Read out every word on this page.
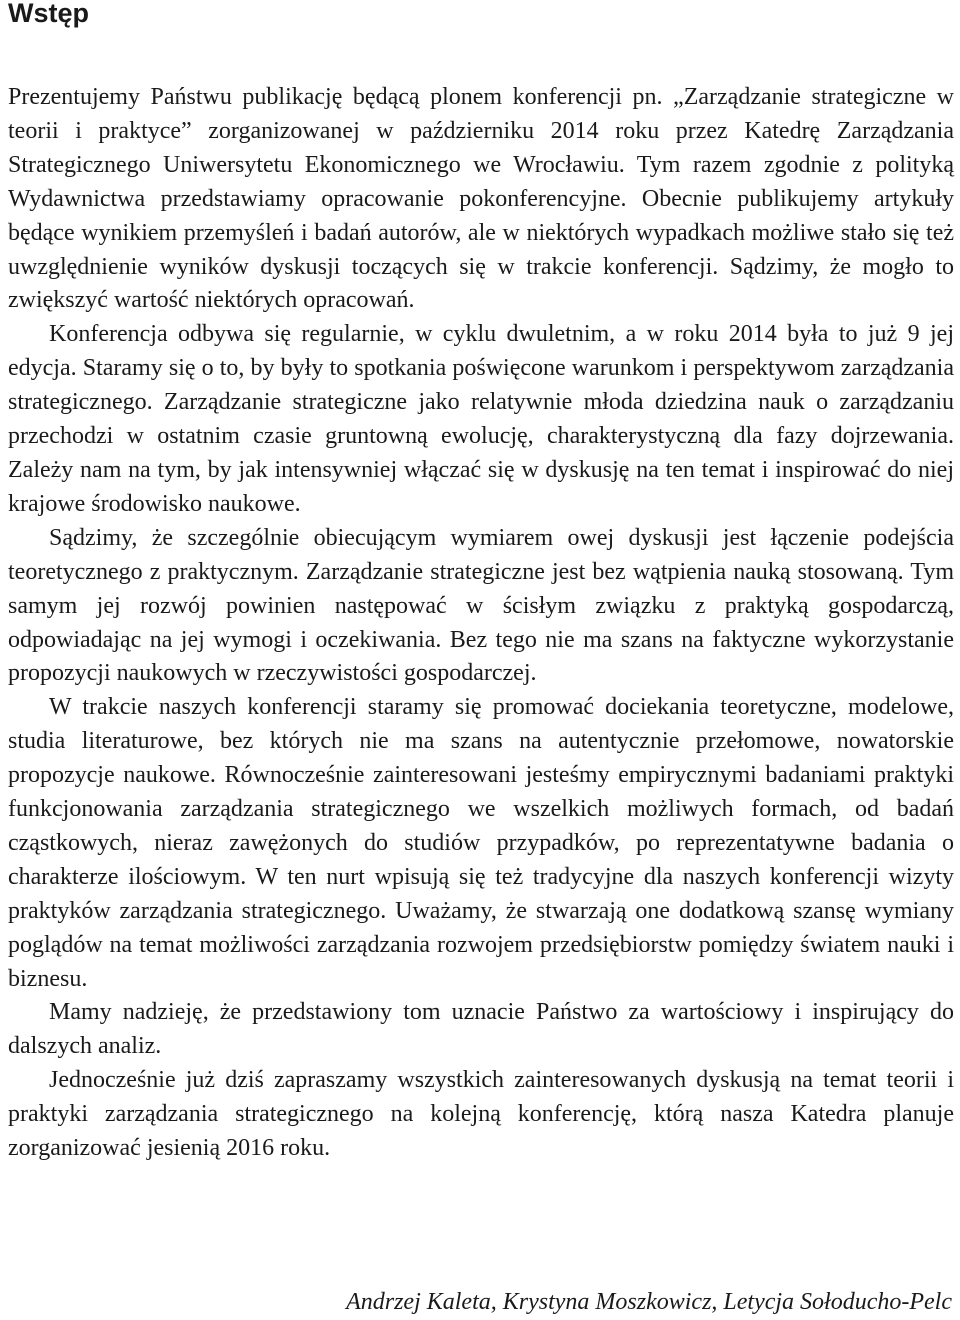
Wstęp

Prezentujemy Państwu publikację będącą plonem konferencji pn. „Zarządzanie strategiczne w teorii i praktyce” zorganizowanej w październiku 2014 roku przez Katedrę Zarządzania Strategicznego Uniwersytetu Ekonomicznego we Wrocławiu. Tym razem zgodnie z polityką Wydawnictwa przedstawiamy opracowanie pokonferencyjne. Obecnie publikujemy artykuły będące wynikiem przemyśleń i badań autorów, ale w niektórych wypadkach możliwe stało się też uwzględnienie wyników dyskusji toczących się w trakcie konferencji. Sądzimy, że mogło to zwiększyć wartość niektórych opracowań.

Konferencja odbywa się regularnie, w cyklu dwuletnim, a w roku 2014 była to już 9 jej edycja. Staramy się o to, by były to spotkania poświęcone warunkom i perspektywom zarządzania strategicznego. Zarządzanie strategiczne jako relatywnie młoda dziedzina nauk o zarządzaniu przechodzi w ostatnim czasie gruntowną ewolucję, charakterystyczną dla fazy dojrzewania. Zależy nam na tym, by jak intensywniej włączać się w dyskusję na ten temat i inspirować do niej krajowe środowisko naukowe.

Sądzimy, że szczególnie obiecującym wymiarem owej dyskusji jest łączenie podejścia teoretycznego z praktycznym. Zarządzanie strategiczne jest bez wątpienia nauką stosowaną. Tym samym jej rozwój powinien następować w ścisłym związku z praktyką gospodarczą, odpowiadając na jej wymogi i oczekiwania. Bez tego nie ma szans na faktyczne wykorzystanie propozycji naukowych w rzeczywistości gospodarczej.

W trakcie naszych konferencji staramy się promować dociekania teoretyczne, modelowe, studia literaturowe, bez których nie ma szans na autentycznie przełomowe, nowatorskie propozycje naukowe. Równocześnie zainteresowani jesteśmy empirycznymi badaniami praktyki funkcjonowania zarządzania strategicznego we wszelkich możliwych formach, od badań cząstkowych, nieraz zawężonych do studiów przypadków, po reprezentatywne badania o charakterze ilościowym. W ten nurt wpisują się też tradycyjne dla naszych konferencji wizyty praktyków zarządzania strategicznego. Uważamy, że stwarzają one dodatkową szansę wymiany poglądów na temat możliwości zarządzania rozwojem przedsiębiorstw pomiędzy światem nauki i biznesu.

Mamy nadzieję, że przedstawiony tom uznacie Państwo za wartościowy i inspirujący do dalszych analiz.

Jednocześnie już dziś zapraszamy wszystkich zainteresowanych dyskusją na temat teorii i praktyki zarządzania strategicznego na kolejną konferencję, którą nasza Katedra planuje zorganizować jesienią 2016 roku.

Andrzej Kaleta, Krystyna Moszkowicz, Letycja Sołoducho-Pelc
